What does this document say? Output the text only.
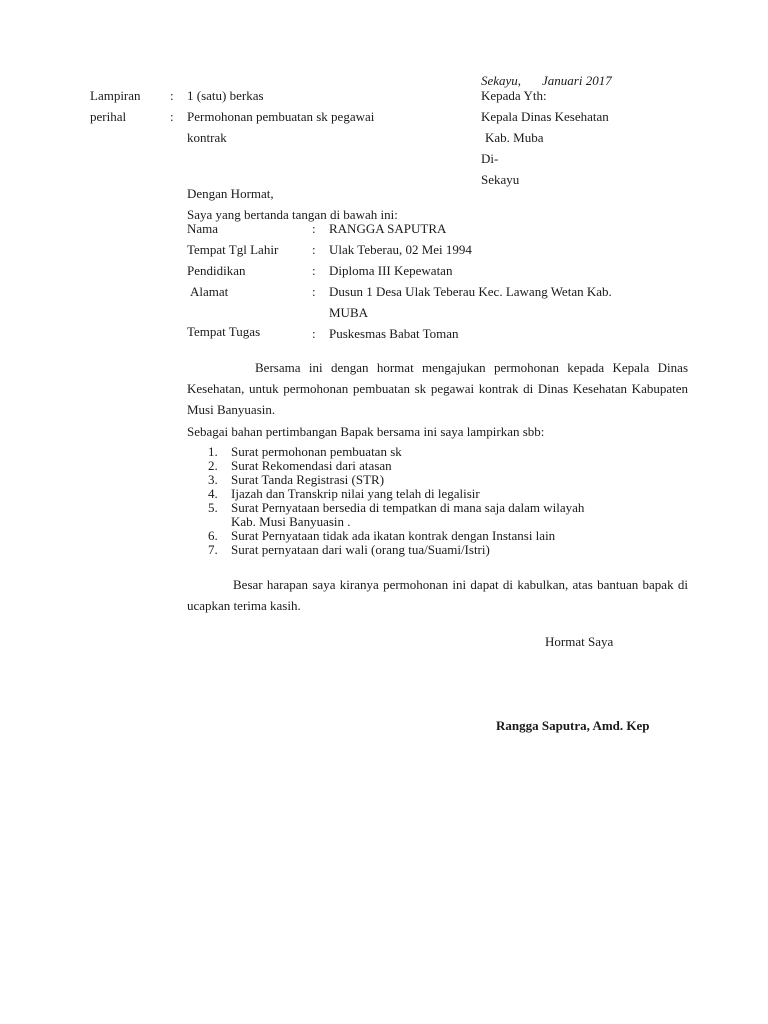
Sekayu, Januari 2017
Lampiran : 1 (satu) berkas
perihal	: Permohonan pembuatan sk pegawai
kontrak
Kepada Yth:
Kepala Dinas Kesehatan
Kab. Muba
Di-
Sekayu
Dengan Hormat,
Saya yang bertanda tangan di bawah ini:
Nama	: RANGGA SAPUTRA
Tempat Tgl Lahir	: Ulak Teberau, 02 Mei 1994
Pendidikan	: Diploma III Kepewatan
Alamat	: Dusun 1 Desa Ulak Teberau Kec. Lawang Wetan Kab.
MUBA
Tempat Tugas	: Puskesmas Babat Toman
Bersama ini dengan hormat mengajukan permohonan kepada Kepala Dinas Kesehatan, untuk permohonan pembuatan sk pegawai kontrak di Dinas Kesehatan Kabupaten Musi Banyuasin.
Sebagai bahan pertimbangan Bapak bersama ini saya lampirkan sbb:
1.	Surat permohonan pembuatan sk
2.	Surat Rekomendasi dari atasan
3.	Surat Tanda Registrasi (STR)
4.	Ijazah dan Transkrip nilai yang telah di legalisir
5.	Surat Pernyataan bersedia di tempatkan di mana saja dalam wilayah
Kab. Musi Banyuasin .
6.	Surat Pernyataan tidak ada ikatan kontrak dengan Instansi lain
7.	Surat pernyataan dari wali (orang tua/Suami/Istri)
Besar harapan saya kiranya permohonan ini dapat di kabulkan, atas bantuan bapak di ucapkan terima kasih.
Hormat Saya
Rangga Saputra, Amd. Kep
